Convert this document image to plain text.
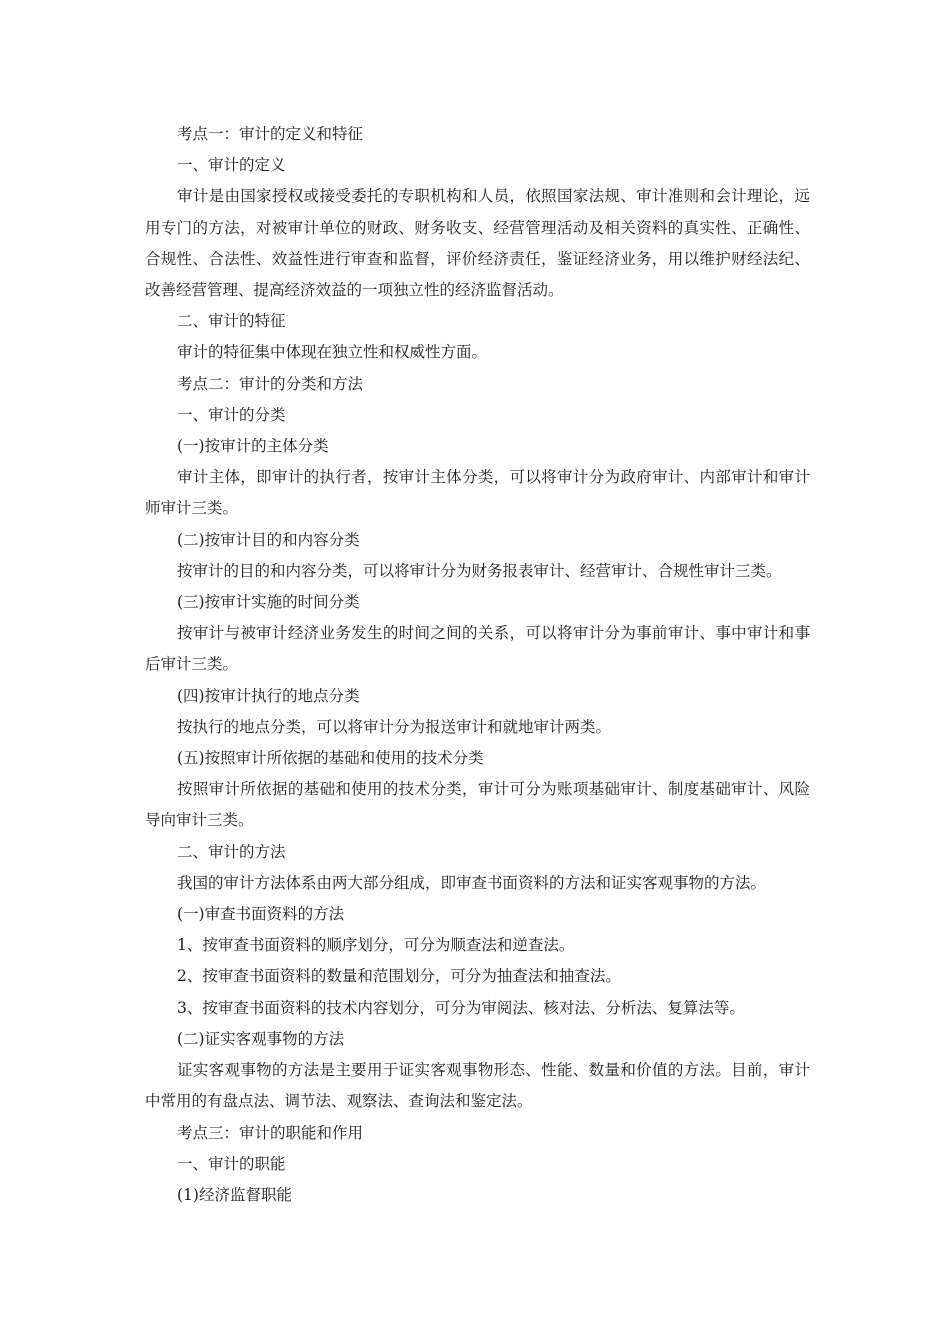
考点一：审计的定义和特征

一、审计的定义

审计是由国家授权或接受委托的专职机构和人员，依照国家法规、审计准则和会计理论，远用专门的方法，对被审计单位的财政、财务收支、经营管理活动及相关资料的真实性、正确性、合规性、合法性、效益性进行审查和监督，评价经济责任，鉴证经济业务，用以维护财经法纪、改善经营管理、提高经济效益的一项独立性的经济监督活动。

二、审计的特征

审计的特征集中体现在独立性和权威性方面。

考点二：审计的分类和方法

一、审计的分类

(一)按审计的主体分类

审计主体，即审计的执行者，按审计主体分类，可以将审计分为政府审计、内部审计和审计师审计三类。

(二)按审计目的和内容分类

按审计的目的和内容分类，可以将审计分为财务报表审计、经营审计、合规性审计三类。

(三)按审计实施的时间分类

按审计与被审计经济业务发生的时间之间的关系，可以将审计分为事前审计、事中审计和事后审计三类。

(四)按审计执行的地点分类

按执行的地点分类，可以将审计分为报送审计和就地审计两类。

(五)按照审计所依据的基础和使用的技术分类

按照审计所依据的基础和使用的技术分类，审计可分为账项基础审计、制度基础审计、风险导向审计三类。

二、审计的方法

我国的审计方法体系由两大部分组成，即审查书面资料的方法和证实客观事物的方法。

(一)审查书面资料的方法

1、按审查书面资料的顺序划分，可分为顺查法和逆查法。

2、按审查书面资料的数量和范围划分，可分为抽查法和抽查法。

3、按审查书面资料的技术内容划分，可分为审阅法、核对法、分析法、复算法等。

(二)证实客观事物的方法

证实客观事物的方法是主要用于证实客观事物形态、性能、数量和价值的方法。目前，审计中常用的有盘点法、调节法、观察法、查询法和鉴定法。

考点三：审计的职能和作用

一、审计的职能

(1)经济监督职能
